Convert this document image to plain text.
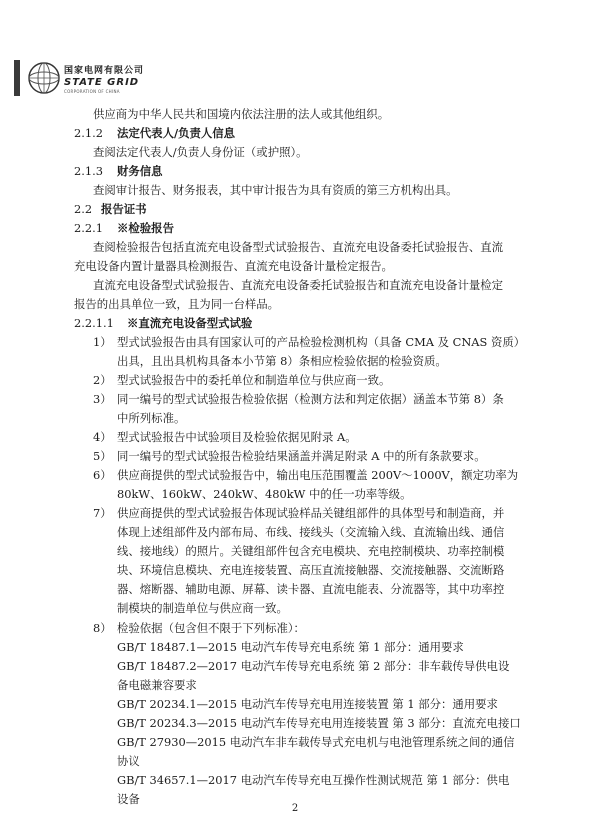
国家电网有限公司
STATE GRID
CORPORATION OF CHINA
供应商为中华人民共和国境内依法注册的法人或其他组织。
2.1.2 法定代表人/负责人信息
查阅法定代表人/负责人身份证（或护照）。
2.1.3 财务信息
查阅审计报告、财务报表，其中审计报告为具有资质的第三方机构出具。
2.2 报告证书
2.2.1 ※检验报告
查阅检验报告包括直流充电设备型式试验报告、直流充电设备委托试验报告、直流
充电设备内置计量器具检测报告、直流充电设备计量检定报告。
直流充电设备型式试验报告、直流充电设备委托试验报告和直流充电设备计量检定
报告的出具单位一致，且为同一台样品。
2.2.1.1 ※直流充电设备型式试验
1） 型式试验报告由具有国家认可的产品检验检测机构（具备 CMA 及 CNAS 资质）
出具，且出具机构具备本小节第 8）条相应检验依据的检验资质。
2） 型式试验报告中的委托单位和制造单位与供应商一致。
3） 同一编号的型式试验报告检验依据（检测方法和判定依据）涵盖本节第 8）条
中所列标准。
4） 型式试验报告中试验项目及检验依据见附录 A。
5） 同一编号的型式试验报告检验结果涵盖并满足附录 A 中的所有条款要求。
6） 供应商提供的型式试验报告中，输出电压范围覆盖 200V～1000V，额定功率为
80kW、160kW、240kW、480kW 中的任一功率等级。
7） 供应商提供的型式试验报告体现试验样品关键组部件的具体型号和制造商，并
体现上述组部件及内部布局、布线、接线头（交流输入线、直流输出线、通信
线、接地线）的照片。关键组部件包含充电模块、充电控制模块、功率控制模
块、环境信息模块、充电连接装置、高压直流接触器、交流接触器、交流断路
器、熔断器、辅助电源、屏幕、读卡器、直流电能表、分流器等，其中功率控
制模块的制造单位与供应商一致。
8） 检验依据（包含但不限于下列标准）：
GB/T 18487.1—2015 电动汽车传导充电系统 第 1 部分：通用要求
GB/T 18487.2—2017 电动汽车传导充电系统 第 2 部分：非车载传导供电设
备电磁兼容要求
GB/T 20234.1—2015 电动汽车传导充电用连接装置 第 1 部分：通用要求
GB/T 20234.3—2015 电动汽车传导充电用连接装置 第 3 部分：直流充电接口
GB/T 27930—2015 电动汽车非车载传导式充电机与电池管理系统之间的通信
协议
GB/T 34657.1—2017 电动汽车传导充电互操作性测试规范 第 1 部分：供电
设备
2
